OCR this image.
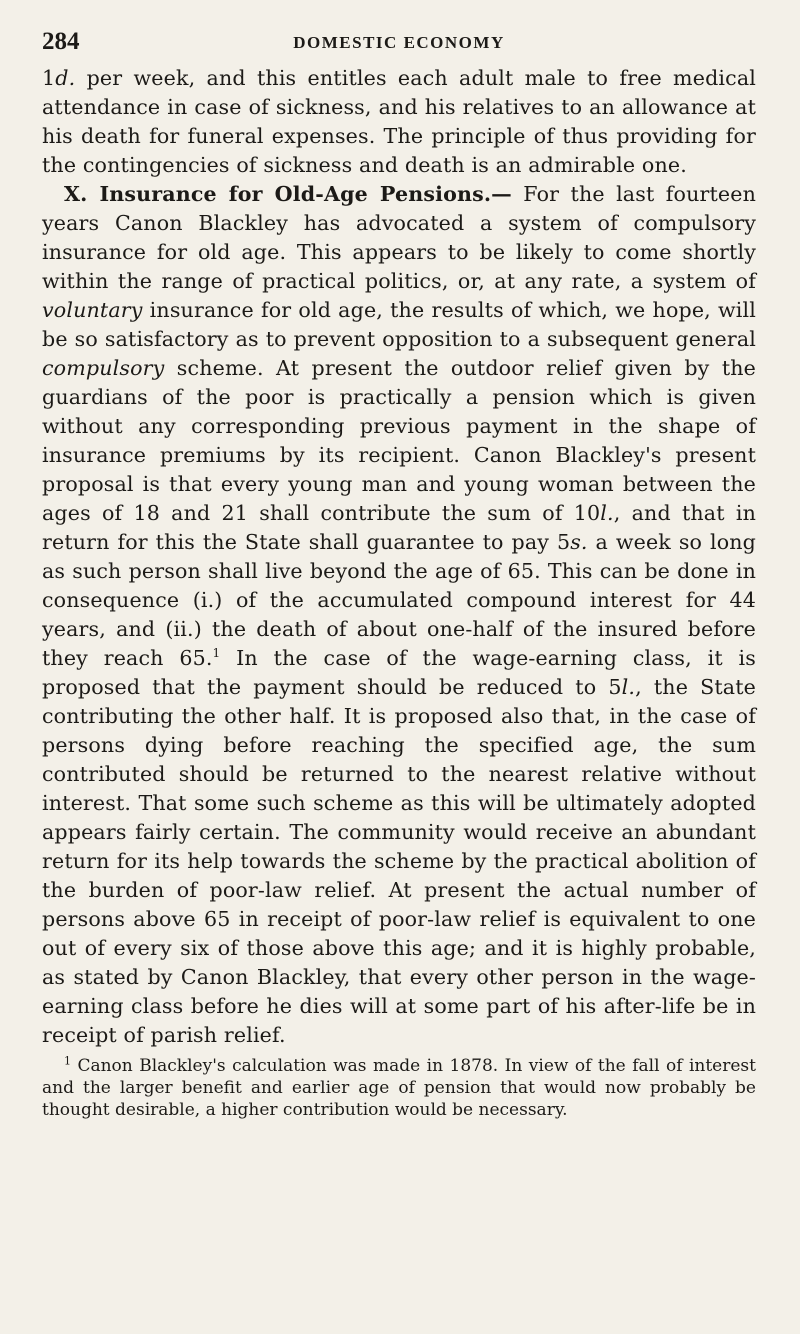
284	DOMESTIC ECONOMY

1d. per week, and this entitles each adult male to free medical attendance in case of sickness, and his relatives to an allowance at his death for funeral expenses. The principle of thus providing for the contingencies of sickness and death is an admirable one.

X. Insurance for Old-Age Pensions.— For the last fourteen years Canon Blackley has advocated a system of compulsory insurance for old age. This appears to be likely to come shortly within the range of practical politics, or, at any rate, a system of voluntary insurance for old age, the results of which, we hope, will be so satisfactory as to prevent opposition to a subsequent general compulsory scheme. At present the outdoor relief given by the guardians of the poor is practically a pension which is given without any corresponding previous payment in the shape of insurance premiums by its recipient. Canon Blackley's present proposal is that every young man and young woman between the ages of 18 and 21 shall contribute the sum of 10l., and that in return for this the State shall guarantee to pay 5s. a week so long as such person shall live beyond the age of 65. This can be done in consequence (i.) of the accumulated compound interest for 44 years, and (ii.) the death of about one-half of the insured before they reach 65.$^1$ In the case of the wage-earning class, it is proposed that the payment should be reduced to 5l., the State contributing the other half. It is proposed also that, in the case of persons dying before reaching the specified age, the sum contributed should be returned to the nearest relative without interest. That some such scheme as this will be ultimately adopted appears fairly certain. The community would receive an abundant return for its help towards the scheme by the practical abolition of the burden of poor-law relief. At present the actual number of persons above 65 in receipt of poor-law relief is equivalent to one out of every six of those above this age; and it is highly probable, as stated by Canon Blackley, that every other person in the wage-earning class before he dies will at some part of his after-life be in receipt of parish relief.

$^1$ Canon Blackley's calculation was made in 1878. In view of the fall of interest and the larger benefit and earlier age of pension that would now probably be thought desirable, a higher contribution would be necessary.
